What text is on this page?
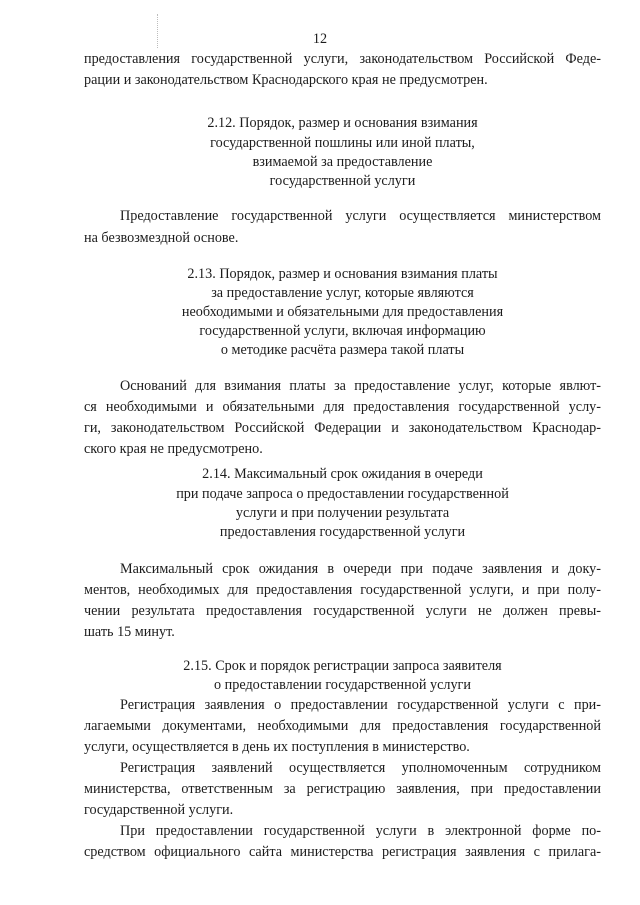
12
предоставления государственной услуги, законодательством Российской Феде-
рации и законодательством Краснодарского края не предусмотрен.
2.12. Порядок, размер и основания взимания
государственной пошлины или иной платы,
взимаемой за предоставление
государственной услуги
Предоставление государственной услуги осуществляется министерством
на безвозмездной основе.
2.13. Порядок, размер и основания взимания платы
за предоставление услуг, которые являются
необходимыми и обязательными для предоставления
государственной услуги, включая информацию
о методике расчёта размера такой платы
Оснований для взимания платы за предоставление услуг, которые явлют-
ся необходимыми и обязательными для предоставления государственной услу-
ги, законодательством Российской Федерации и законодательством Краснодар-
ского края не предусмотрено.
2.14. Максимальный срок ожидания в очереди
при подаче запроса о предоставлении государственной
услуги и при получении результата
предоставления государственной услуги
Максимальный срок ожидания в очереди при подаче заявления и доку-
ментов, необходимых для предоставления государственной услуги, и при полу-
чении результата предоставления государственной услуги не должен превы-
шать 15 минут.
2.15. Срок и порядок регистрации запроса заявителя
о предоставлении государственной услуги
Регистрация заявления о предоставлении государственной услуги с при-
лагаемыми документами, необходимыми для предоставления государственной
услуги, осуществляется в день их поступления в министерство.
Регистрация заявлений осуществляется уполномоченным сотрудником
министерства, ответственным за регистрацию заявления, при предоставлении
государственной услуги.
При предоставлении государственной услуги в электронной форме по-
средством официального сайта министерства регистрация заявления с прилага-
